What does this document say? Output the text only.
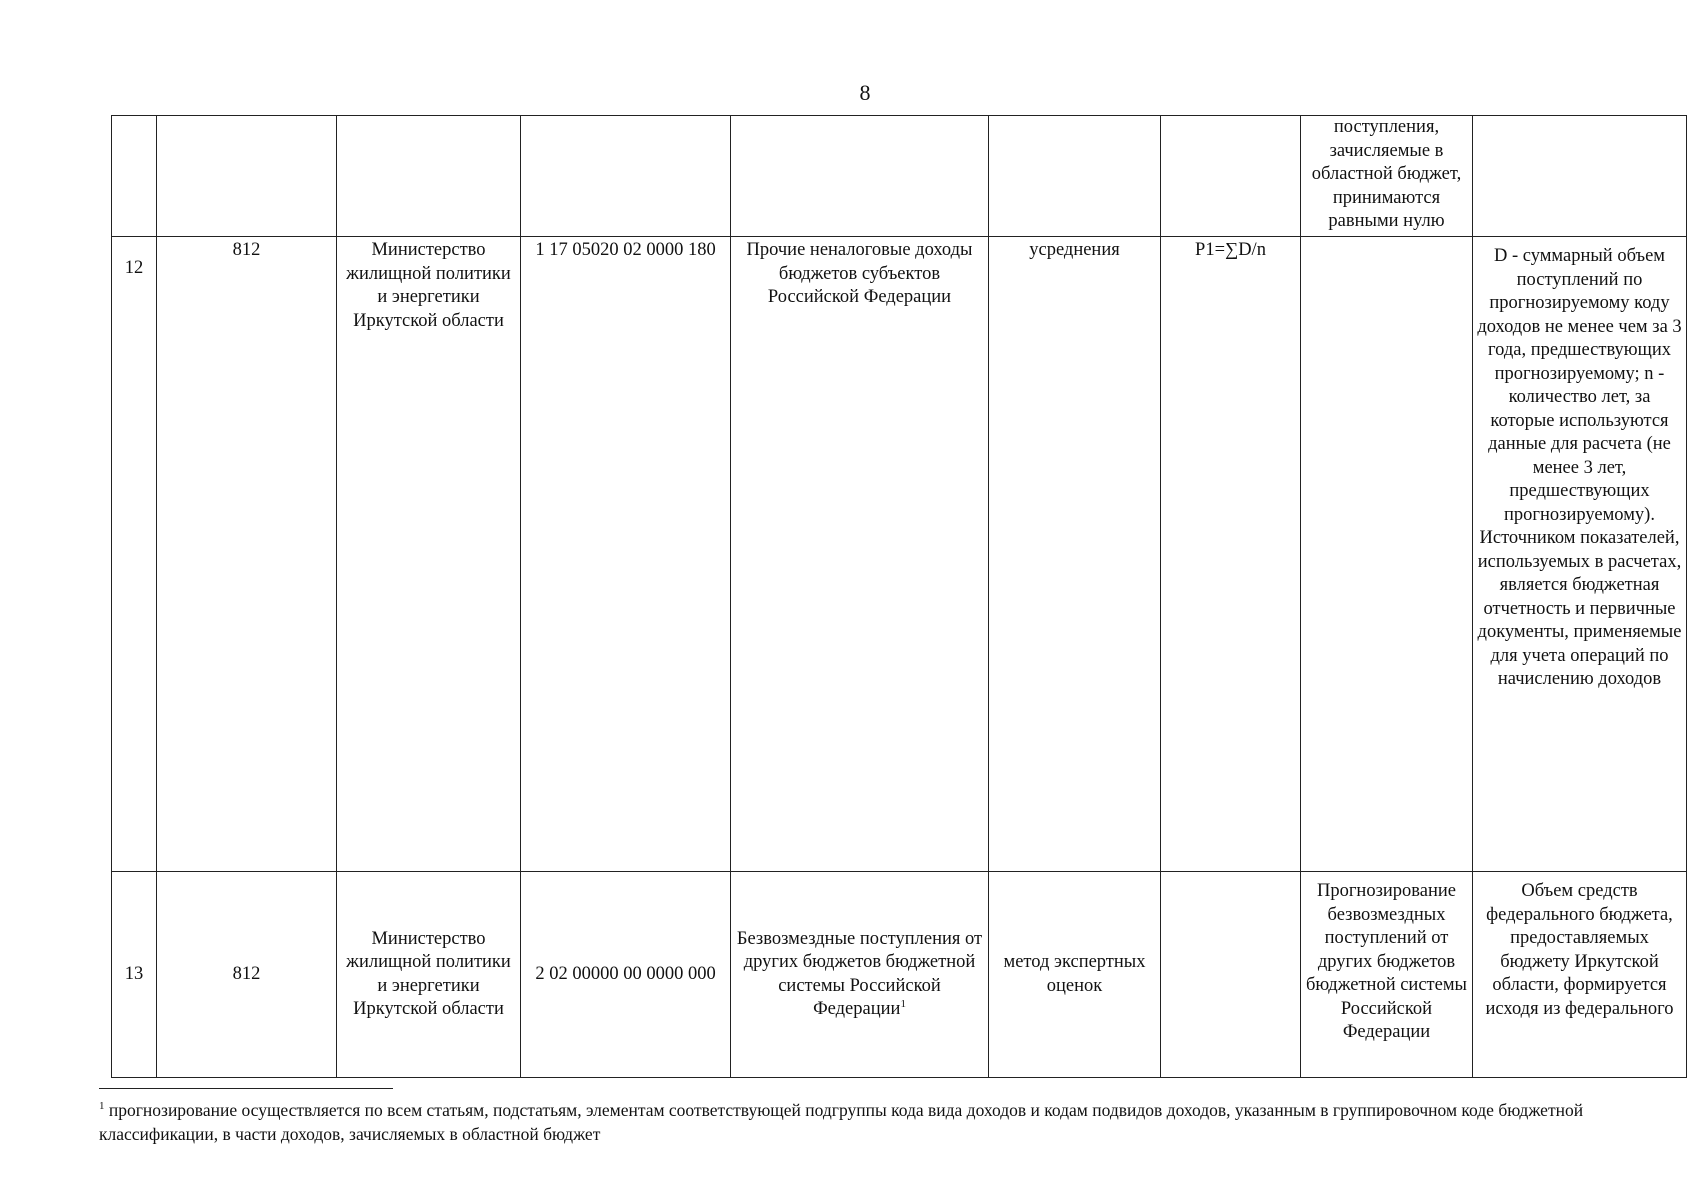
8
							поступления, зачисляемые в областной бюджет, принимаются равными нулю	
12	812	Министерство жилищной политики и энергетики Иркутской области	1 17 05020 02 0000 180	Прочие неналоговые доходы бюджетов субъектов Российской Федерации	усреднения	P1=∑D/n		D - суммарный объем поступлений по прогнозируемому коду доходов не менее чем за 3 года, предшествующих прогнозируемому; n - количество лет, за которые используются данные для расчета (не менее 3 лет, предшествующих прогнозируемому). Источником показателей, используемых в расчетах, является бюджетная отчетность и первичные документы, применяемые для учета операций по начислению доходов
13	812	Министерство жилищной политики и энергетики Иркутской области	2 02 00000 00 0000 000	Безвозмездные поступления от других бюджетов бюджетной системы Российской Федерации$^1$	метод экспертных оценок		Прогнозирование безвозмездных поступлений от других бюджетов бюджетной системы Российской Федерации	Объем средств федерального бюджета, предоставляемых бюджету Иркутской области, формируется исходя из федерального
$^1$ прогнозирование осуществляется по всем статьям, подстатьям, элементам соответствующей подгруппы кода вида доходов и кодам подвидов доходов, указанным в группировочном коде бюджетной классификации, в части доходов, зачисляемых в областной бюджет
